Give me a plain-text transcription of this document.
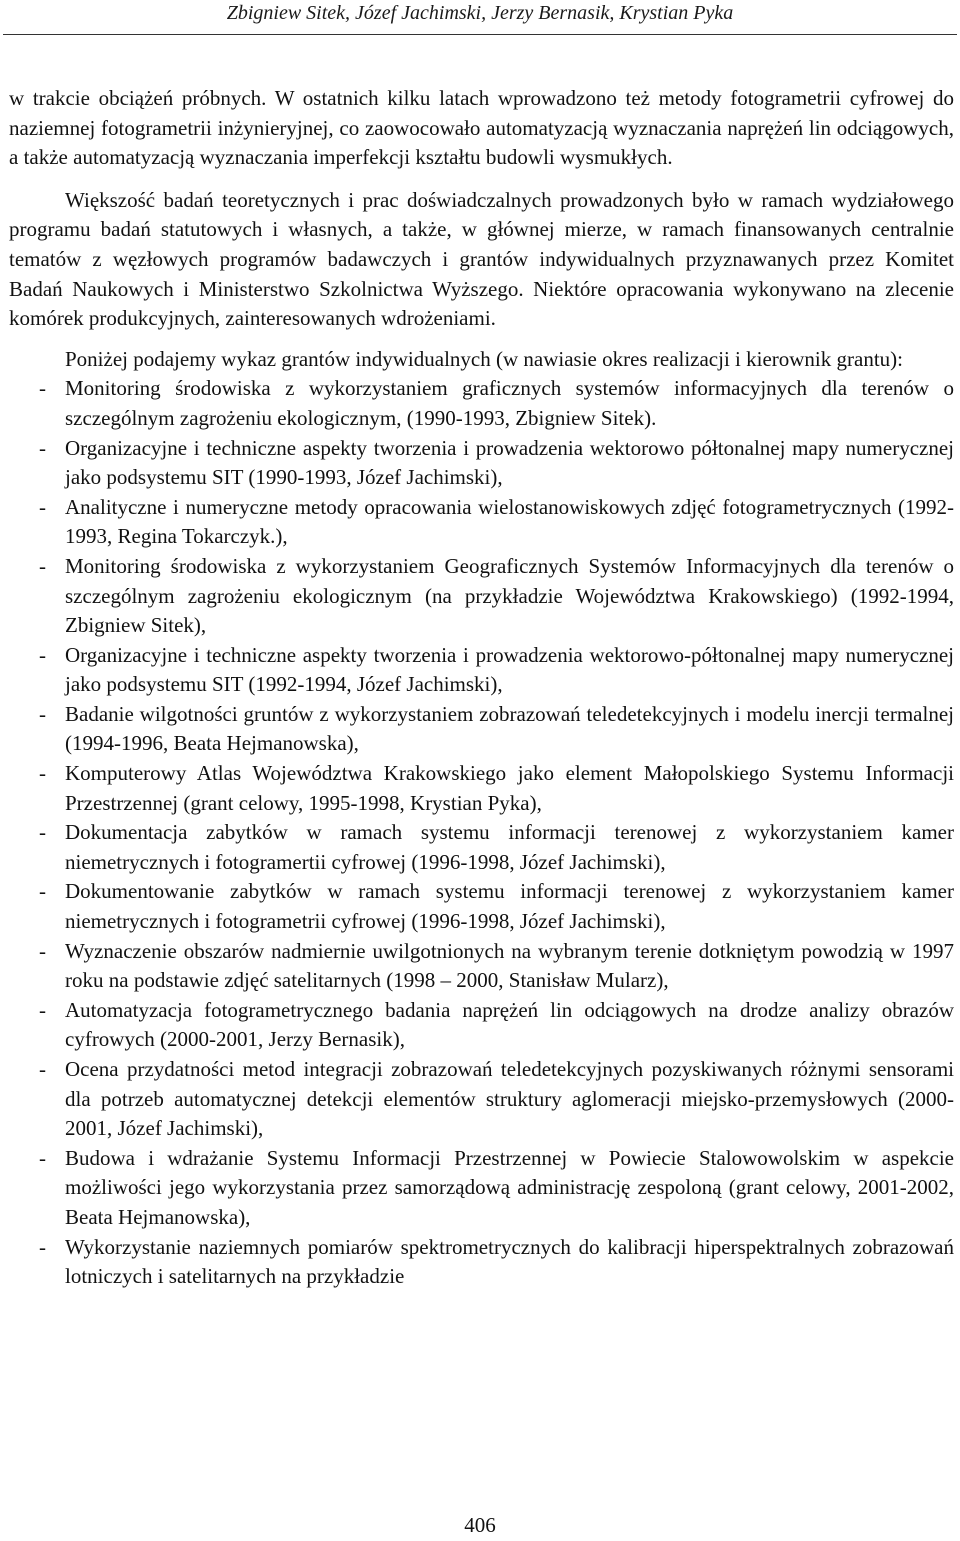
Zbigniew Sitek, Józef Jachimski, Jerzy Bernasik, Krystian Pyka

w trakcie obciążeń próbnych. W ostatnich kilku latach wprowadzono też metody fotogrametrii cyfrowej do naziemnej fotogrametrii inżynieryjnej, co zaowocowało automatyzacją wyznaczania naprężeń lin odciągowych, a także automatyzacją wyznaczania imperfekcji kształtu budowli wysmukłych.

Większość badań teoretycznych i prac doświadczalnych prowadzonych było w ramach wydziałowego programu badań statutowych i własnych, a także, w głównej mierze, w ramach finansowanych centralnie tematów z węzłowych programów badawczych i grantów indywidualnych przyznawanych przez Komitet Badań Naukowych i Ministerstwo Szkolnictwa Wyższego. Niektóre opracowania wykonywano na zlecenie komórek produkcyjnych, zainteresowanych wdrożeniami.

Poniżej podajemy wykaz grantów indywidualnych (w nawiasie okres realizacji i kierownik grantu):

- Monitoring środowiska z wykorzystaniem graficznych systemów informacyjnych dla terenów o szczególnym zagrożeniu ekologicznym, (1990-1993, Zbigniew Sitek).
- Organizacyjne i techniczne aspekty tworzenia i prowadzenia wektorowo półtonalnej mapy numerycznej jako podsystemu SIT (1990-1993, Józef Jachimski),
- Analityczne i numeryczne metody opracowania wielostanowiskowych zdjęć fotogrametrycznych (1992-1993, Regina Tokarczyk.),
- Monitoring środowiska z wykorzystaniem Geograficznych Systemów Informacyjnych dla terenów o szczególnym zagrożeniu ekologicznym (na przykładzie Województwa Krakowskiego) (1992-1994, Zbigniew Sitek),
- Organizacyjne i techniczne aspekty tworzenia i prowadzenia wektorowo-półtonalnej mapy numerycznej jako podsystemu SIT (1992-1994, Józef Jachimski),
- Badanie wilgotności gruntów z wykorzystaniem zobrazowań teledetekcyjnych i modelu inercji termalnej (1994-1996, Beata Hejmanowska),
- Komputerowy Atlas Województwa Krakowskiego jako element Małopolskiego Systemu Informacji Przestrzennej (grant celowy, 1995-1998, Krystian Pyka),
- Dokumentacja zabytków w ramach systemu informacji terenowej z wykorzystaniem kamer niemetrycznych i fotogramertii cyfrowej (1996-1998, Józef Jachimski),
- Dokumentowanie zabytków w ramach systemu informacji terenowej z wykorzystaniem kamer niemetrycznych i fotogrametrii cyfrowej (1996-1998, Józef Jachimski),
- Wyznaczenie obszarów nadmiernie uwilgotnionych na wybranym terenie dotkniętym powodzią w 1997 roku na podstawie zdjęć satelitarnych (1998 – 2000, Stanisław Mularz),
- Automatyzacja fotogrametrycznego badania naprężeń lin odciągowych na drodze analizy obrazów cyfrowych (2000-2001, Jerzy Bernasik),
- Ocena przydatności metod integracji zobrazowań teledetekcyjnych pozyskiwanych różnymi sensorami dla potrzeb automatycznej detekcji elementów struktury aglomeracji miejsko-przemysłowych (2000-2001, Józef Jachimski),
- Budowa i wdrażanie Systemu Informacji Przestrzennej w Powiecie Stalowowolskim w aspekcie możliwości jego wykorzystania przez samorządową administrację zespoloną (grant celowy, 2001-2002, Beata Hejmanowska),
- Wykorzystanie naziemnych pomiarów spektrometrycznych do kalibracji hiperspektralnych zobrazowań lotniczych i satelitarnych na przykładzie
406
